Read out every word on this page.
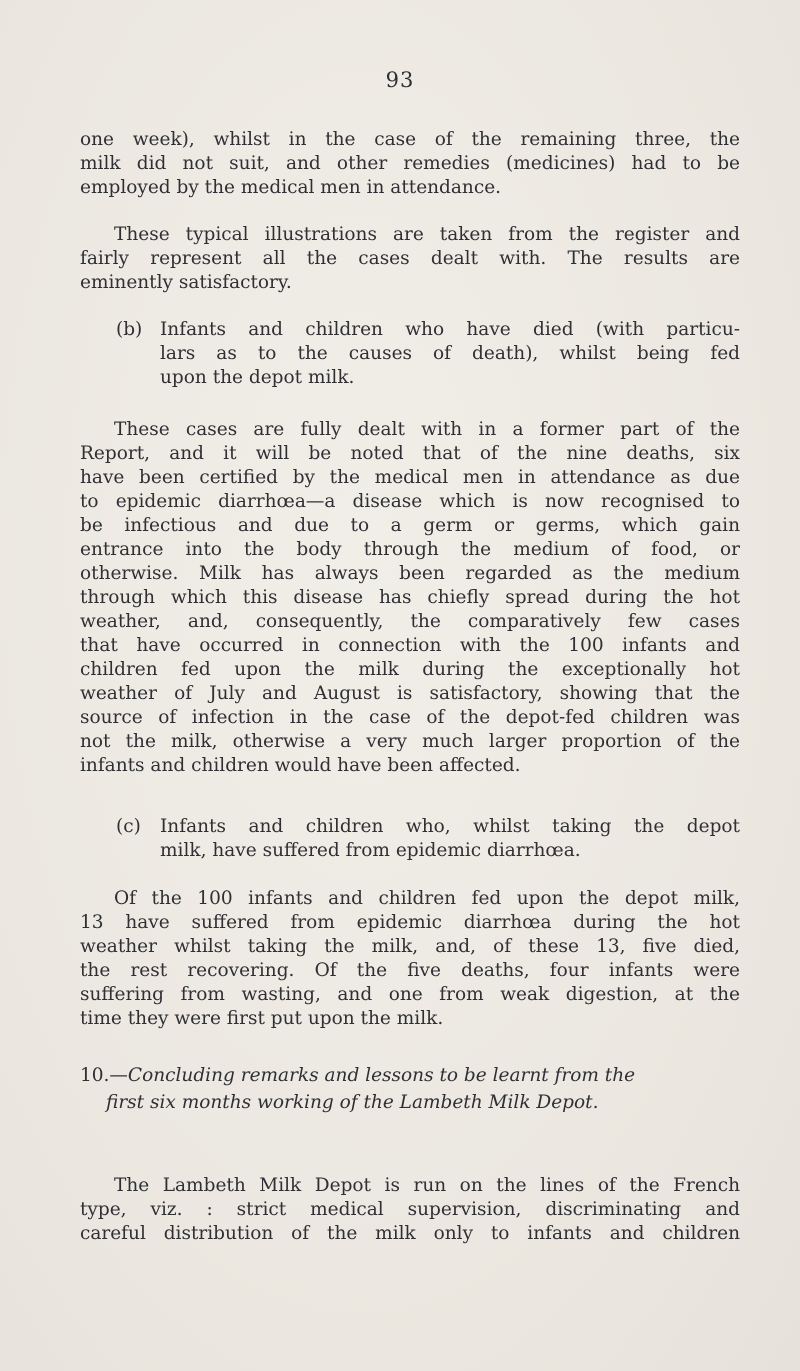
93
one week), whilst in the case of the remaining three, the
milk did not suit, and other remedies (medicines) had to be
employed by the medical men in attendance.
These typical illustrations are taken from the register and
fairly represent all the cases dealt with. The results are
eminently satisfactory.
(b) Infants and children who have died (with particu-
lars as to the causes of death), whilst being fed
upon the depot milk.
These cases are fully dealt with in a former part of the
Report, and it will be noted that of the nine deaths, six
have been certified by the medical men in attendance as due
to epidemic diarrhœa—a disease which is now recognised to
be infectious and due to a germ or germs, which gain
entrance into the body through the medium of food, or
otherwise. Milk has always been regarded as the medium
through which this disease has chiefly spread during the hot
weather, and, consequently, the comparatively few cases
that have occurred in connection with the 100 infants and
children fed upon the milk during the exceptionally hot
weather of July and August is satisfactory, showing that the
source of infection in the case of the depot-fed children was
not the milk, otherwise a very much larger proportion of the
infants and children would have been affected.
(c) Infants and children who, whilst taking the depot
milk, have suffered from epidemic diarrhœa.
Of the 100 infants and children fed upon the depot milk,
13 have suffered from epidemic diarrhœa during the hot
weather whilst taking the milk, and, of these 13, five died,
the rest recovering. Of the five deaths, four infants were
suffering from wasting, and one from weak digestion, at the
time they were first put upon the milk.
10.—Concluding remarks and lessons to be learnt from the
first six months working of the Lambeth Milk Depot.
The Lambeth Milk Depot is run on the lines of the French
type, viz. : strict medical supervision, discriminating and
careful distribution of the milk only to infants and children
